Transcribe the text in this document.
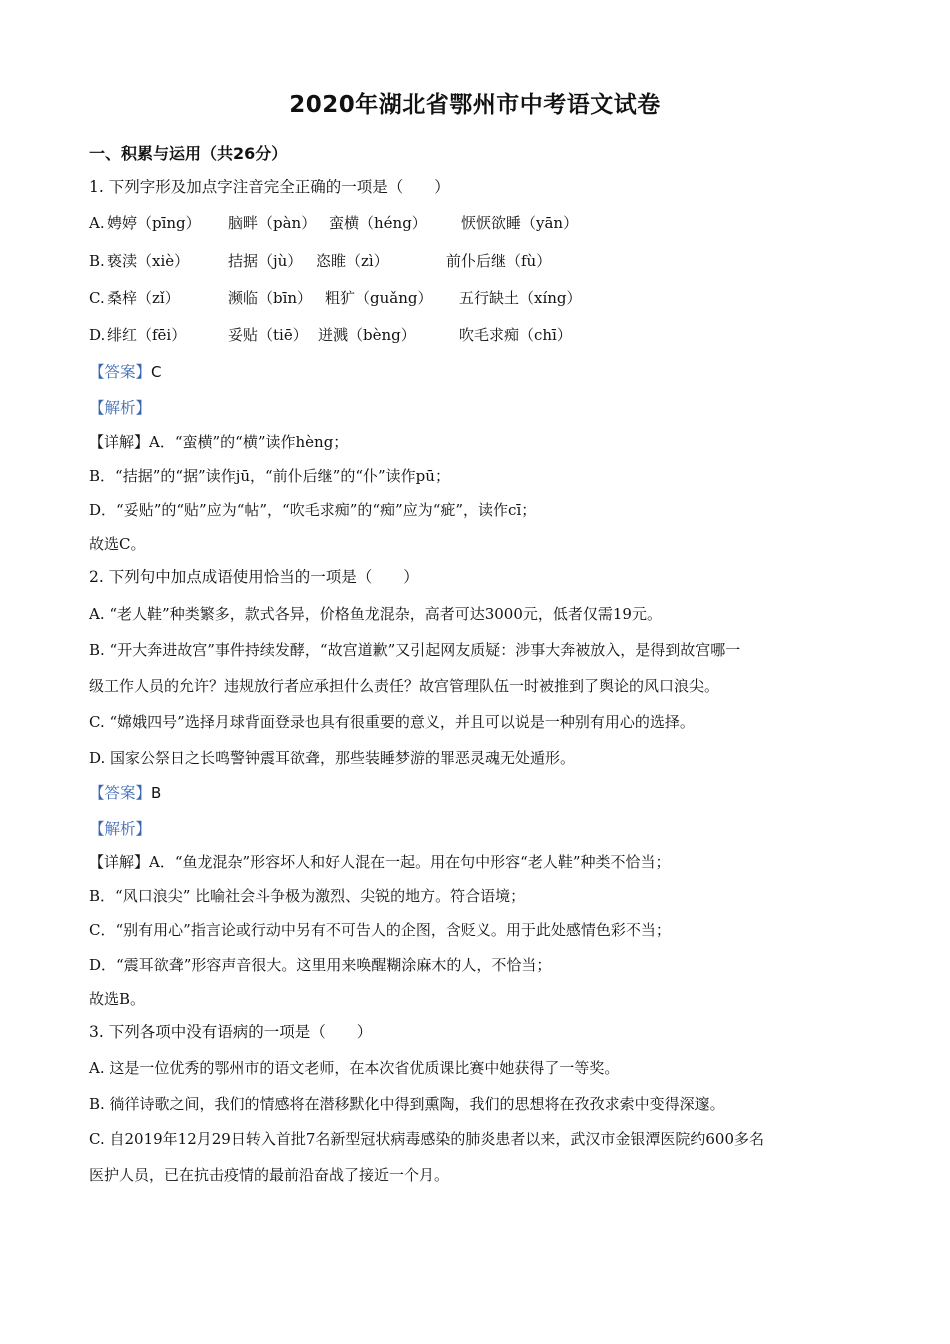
2020年湖北省鄂州市中考语文试卷
一、积累与运用（共26分）
1. 下列字形及加点字注音完全正确的一项是（　　）
A. 娉婷（pīng） 脑畔（pàn） 蛮横（héng） 恹恹欲睡（yān）
B. 亵渎（xiè）	拮据（jù） 恣睢（zì）	前仆后继（fù）
C. 桑梓（zǐ）	濒临（bīn） 粗犷（guǎng） 五行缺土（xíng）
D. 绯红（fēi）	妥贴（tiē） 迸溅（bèng）	吹毛求痴（chī）
【答案】C
【解析】
【详解】A．“蛮横”的“横”读作hèng；
B．“拮据”的“据”读作jū，“前仆后继”的“仆”读作pū；
D．“妥贴”的“贴”应为“帖”，“吹毛求痴”的“痴”应为“疵”，读作cī；
故选C。
2. 下列句中加点成语使用恰当的一项是（　　）
A. “老人鞋”种类繁多，款式各异，价格鱼龙混杂，高者可达3000元，低者仅需19元。
B. “开大奔进故宫”事件持续发酵，“故宫道歉”又引起网友质疑：涉事大奔被放入，是得到故宫哪一
级工作人员的允许？违规放行者应承担什么责任？故宫管理队伍一时被推到了舆论的风口浪尖。
C. “嫦娥四号”选择月球背面登录也具有很重要的意义，并且可以说是一种别有用心的选择。
D. 国家公祭日之长鸣警钟震耳欲聋，那些装睡梦游的罪恶灵魂无处遁形。
【答案】B
【解析】
【详解】A．“鱼龙混杂”形容坏人和好人混在一起。用在句中形容“老人鞋”种类不恰当；
B．“风口浪尖” 比喻社会斗争极为激烈、尖锐的地方。符合语境；
C．“别有用心”指言论或行动中另有不可告人的企图，含贬义。用于此处感情色彩不当；
D．“震耳欲聋”形容声音很大。这里用来唤醒糊涂麻木的人，不恰当；
故选B。
3. 下列各项中没有语病的一项是（　　）
A. 这是一位优秀的鄂州市的语文老师，在本次省优质课比赛中她获得了一等奖。
B. 徜徉诗歌之间，我们的情感将在潜移默化中得到熏陶，我们的思想将在孜孜求索中变得深邃。
C. 自2019年12月29日转入首批7名新型冠状病毒感染的肺炎患者以来，武汉市金银潭医院约600多名
医护人员，已在抗击疫情的最前沿奋战了接近一个月。
